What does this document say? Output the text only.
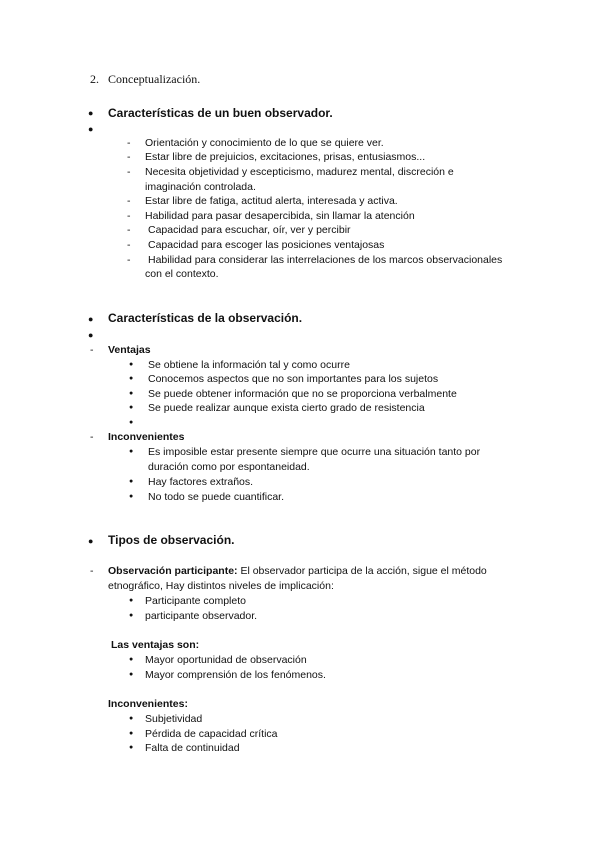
2. Conceptualización.
● Características de un buen observador.
●
- Orientación y conocimiento de lo que se quiere ver.
- Estar libre de prejuicios, excitaciones, prisas, entusiasmos...
- Necesita objetividad y escepticismo, madurez mental, discreción e
imaginación controlada.
- Estar libre de fatiga, actitud alerta, interesada y activa.
- Habilidad para pasar desapercibida, sin llamar la atención
- Capacidad para escuchar, oír, ver y percibir
- Capacidad para escoger las posiciones ventajosas
- Habilidad para considerar las interrelaciones de los marcos observacionales
con el contexto.
● Características de la observación.
●
- Ventajas
● Se obtiene la información tal y como ocurre
● Conocemos aspectos que no son importantes para los sujetos
● Se puede obtener información que no se proporciona verbalmente
● Se puede realizar aunque exista cierto grado de resistencia
●
- Inconvenientes
● Es imposible estar presente siempre que ocurre una situación tanto por
duración como por espontaneidad.
● Hay factores extraños.
● No todo se puede cuantificar.
● Tipos de observación.
- Observación participante: El observador participa de la acción, sigue el método
etnográfico, Hay distintos niveles de implicación:
● Participante completo
● participante observador.
Las ventajas son:
● Mayor oportunidad de observación
● Mayor comprensión de los fenómenos.
Inconvenientes:
● Subjetividad
● Pérdida de capacidad crítica
● Falta de continuidad
